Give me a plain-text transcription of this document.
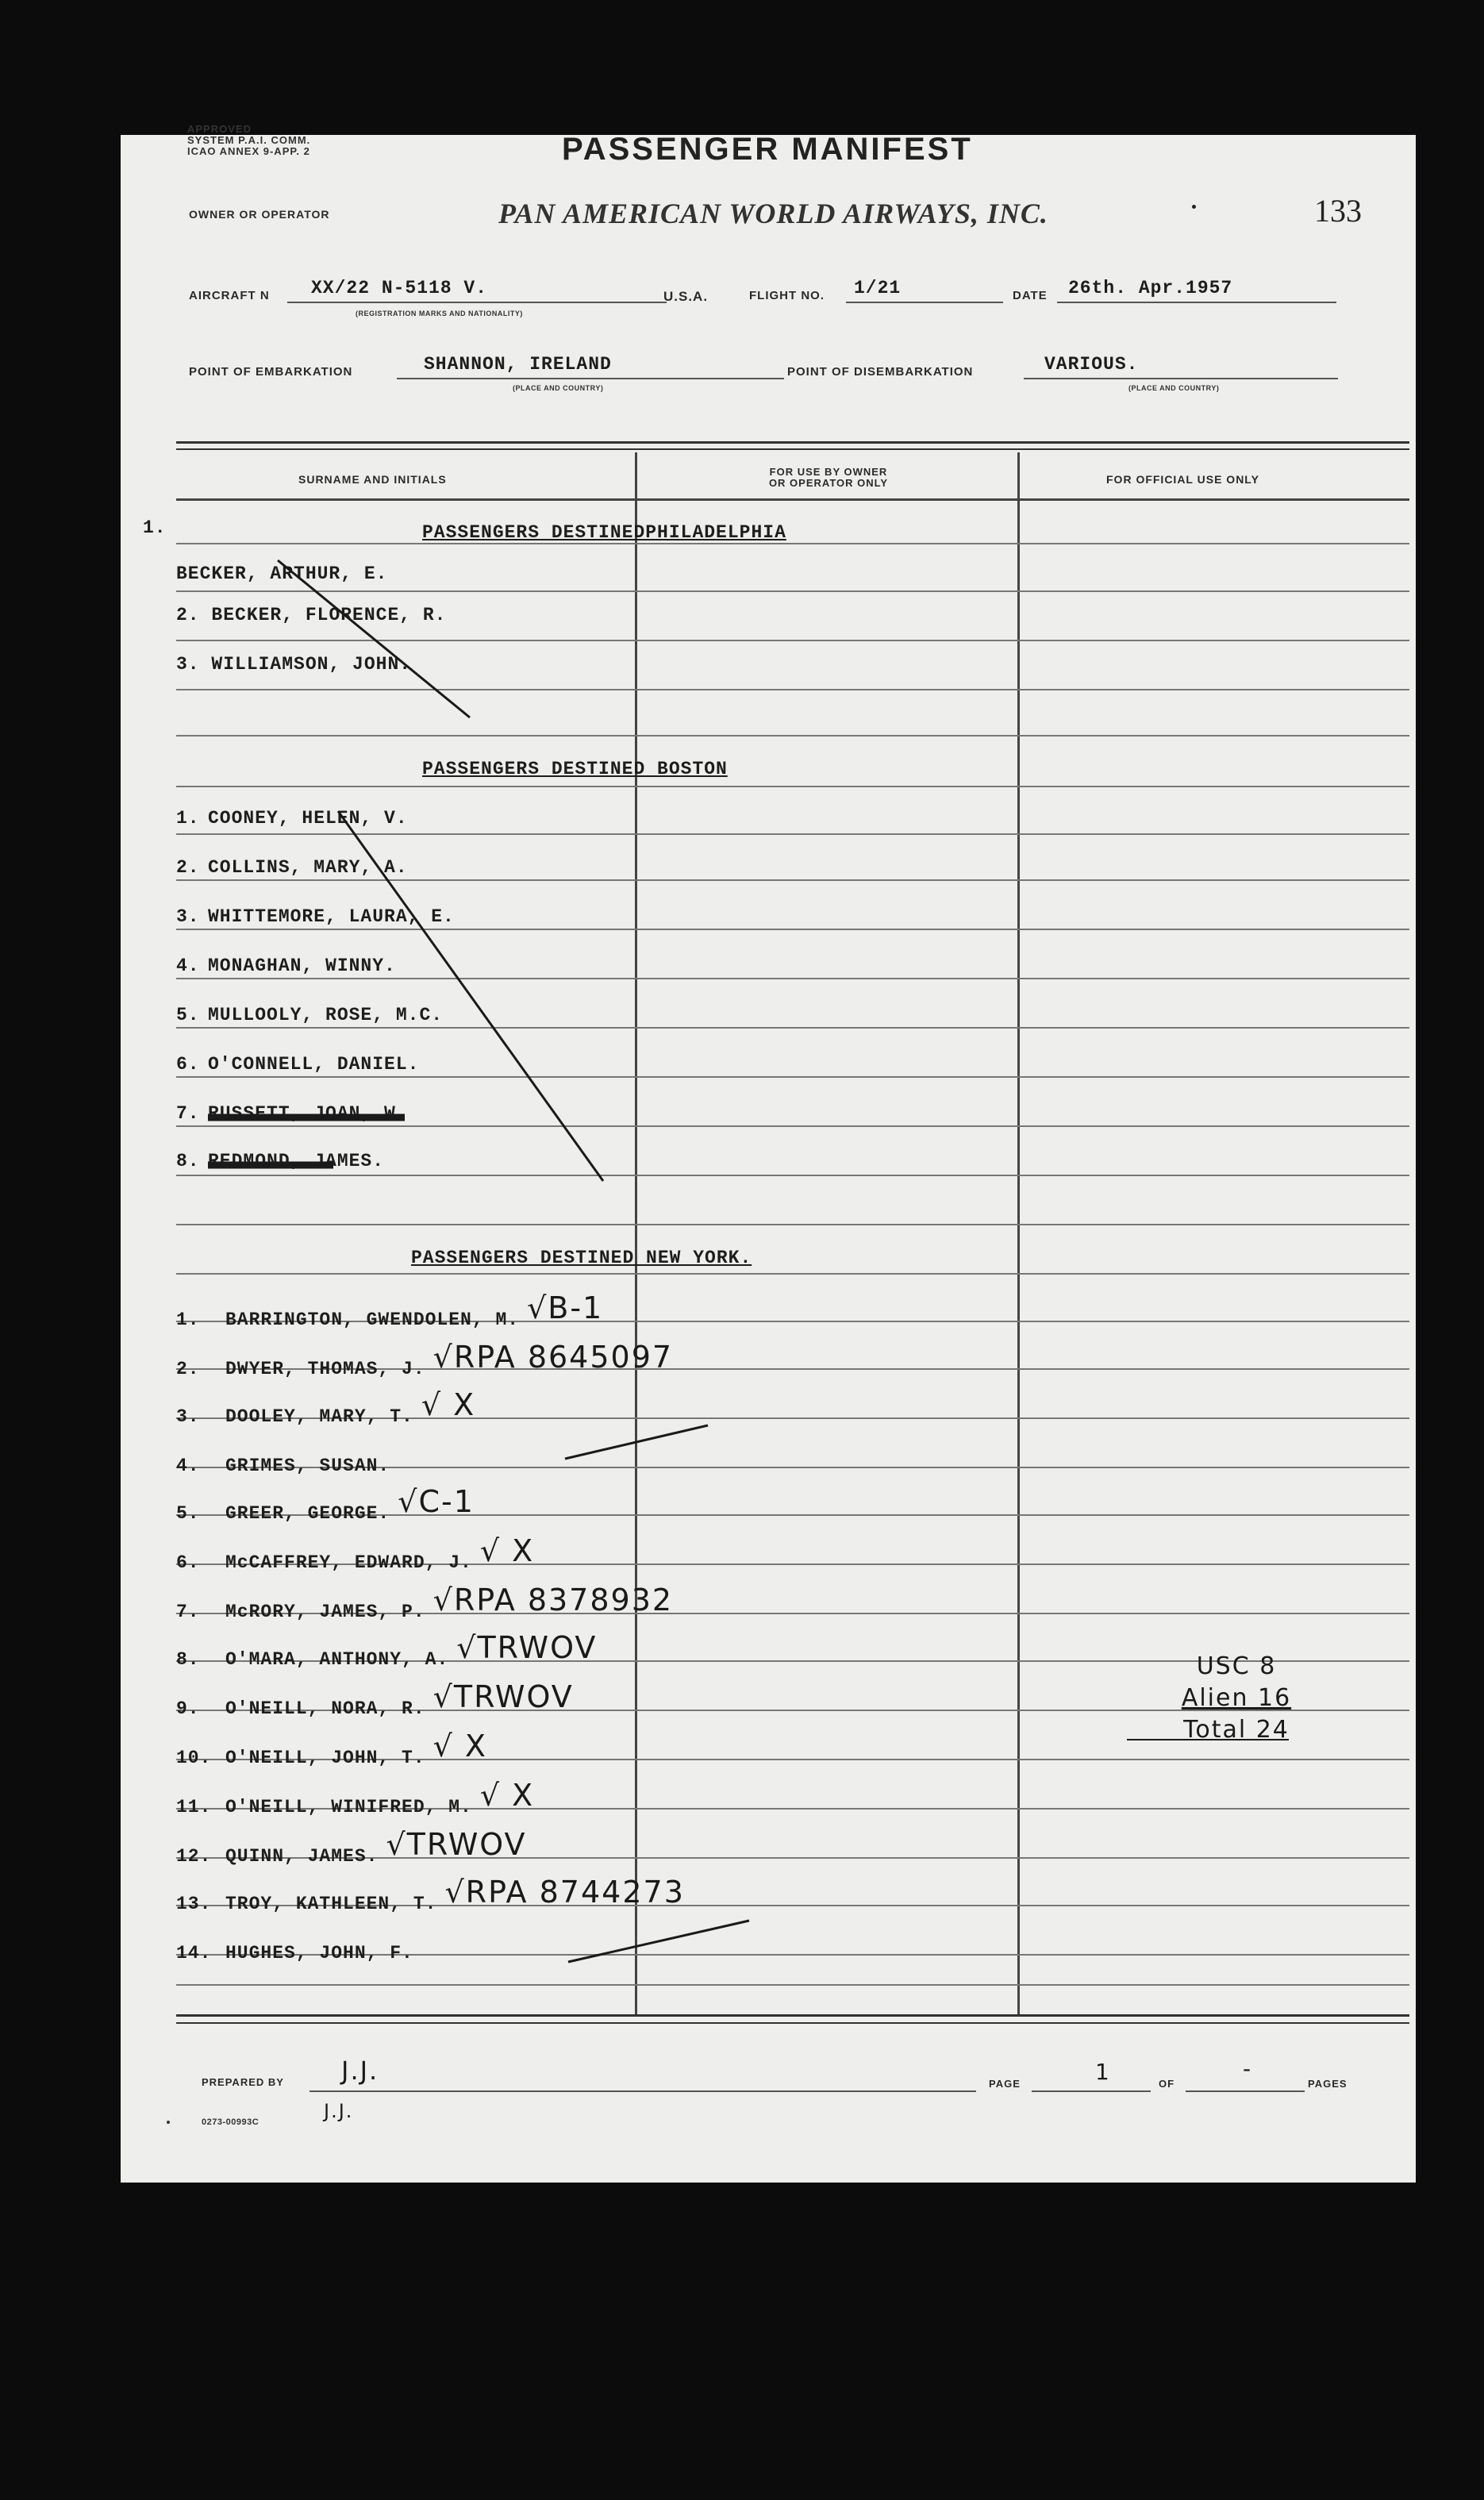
APPROVED
SYSTEM P.A.I. COMM.
ICAO ANNEX 9-APP. 2	PASSENGER MANIFEST
OWNER OR OPERATOR	PAN AMERICAN WORLD AIRWAYS, INC.	133
AIRCRAFT N XX/22 N-5118 V.
(REGISTRATION MARKS AND NATIONALITY)
U.S.A.	FLIGHT NO. 1/21	DATE 26th. Apr.1957
POINT OF EMBARKATION	SHANNON, IRELAND
(PLACE AND COUNTRY)
POINT OF DISEMBARKATION	VARIOUS.
(PLACE AND COUNTRY)
SURNAME AND INITIALS
FOR USE BY OWNER
OR OPERATOR ONLY	FOR OFFICIAL USE ONLY
1.	PASSENGERS DESTINEDPHILADELPHIA
BECKER, ARTHUR, E.
2. BECKER, FLORENCE, R.
3. WILLIAMSON, JOHN.
PASSENGERS DESTINED BOSTON
1. COONEY, HELEN, V.
2. COLLINS, MARY, A.
3. WHITTEMORE, LAURA, E.
4. MONAGHAN, WINNY.
5. MULLOOLY, ROSE, M.C.
6. O'CONNELL, DANIEL.
7. RUSSETT, JOAN, W.
8. REDMOND, JAMES.
PASSENGERS DESTINED NEW YORK.
1. BARRINGTON, GWENDOLEN, M. √B-1
2. DWYER, THOMAS, J. √RPA 8645097
3. DOOLEY, MARY, T. √ X
4. GRIMES, SUSAN.
5. GREER, GEORGE. √C-1
6. McCAFFREY, EDWARD, J. √ X
7. McRORY, JAMES, P. √RPA 8378932
8. O'MARA, ANTHONY, A. √TRWOV
9. O'NEILL, NORA, R. √TRWOV
10. O'NEILL, JOHN, T. √ X
11. O'NEILL, WINIFRED, M. √ X
12. QUINN, JAMES. √TRWOV
13. TROY, KATHLEEN, T. √RPA 8744273
14. HUGHES, JOHN, F.
USC 8
Alien 16
Total 24
PREPARED BY J.J.	PAGE	1	OF
-
PAGES
0273-00993C	J.J.
